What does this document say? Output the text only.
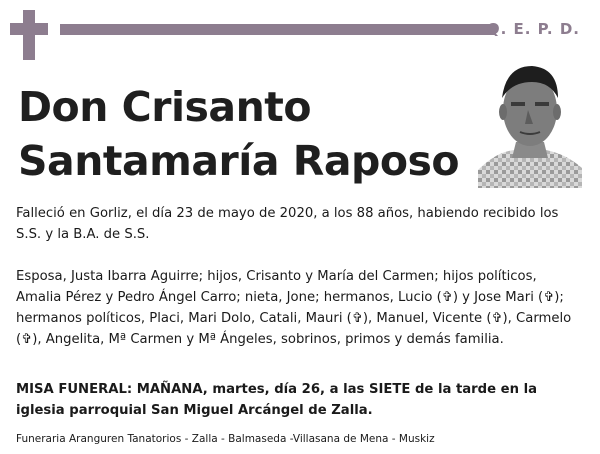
Q. E. P. D.
Don Crisanto
Santamaría Raposo
Falleció en Gorliz, el día 23 de mayo de 2020, a los 88 años, habiendo recibido los S.S. y la B.A. de S.S.
Esposa, Justa Ibarra Aguirre; hijos, Crisanto y María del Carmen; hijos políticos, Amalia Pérez y Pedro Ángel Carro; nieta, Jone; hermanos, Lucio (✞) y Jose Mari (✞); hermanos políticos, Placi, Mari Dolo, Catali, Mauri (✞), Manuel, Vicente (✞), Carmelo (✞), Angelita, Mª Carmen y Mª Ángeles, sobrinos, primos y demás familia.
MISA FUNERAL: MAÑANA, martes, día 26, a las SIETE de la tarde en la iglesia parroquial San Miguel Arcángel de Zalla.
Funeraria Aranguren Tanatorios - Zalla - Balmaseda -Villasana de Mena - Muskiz
